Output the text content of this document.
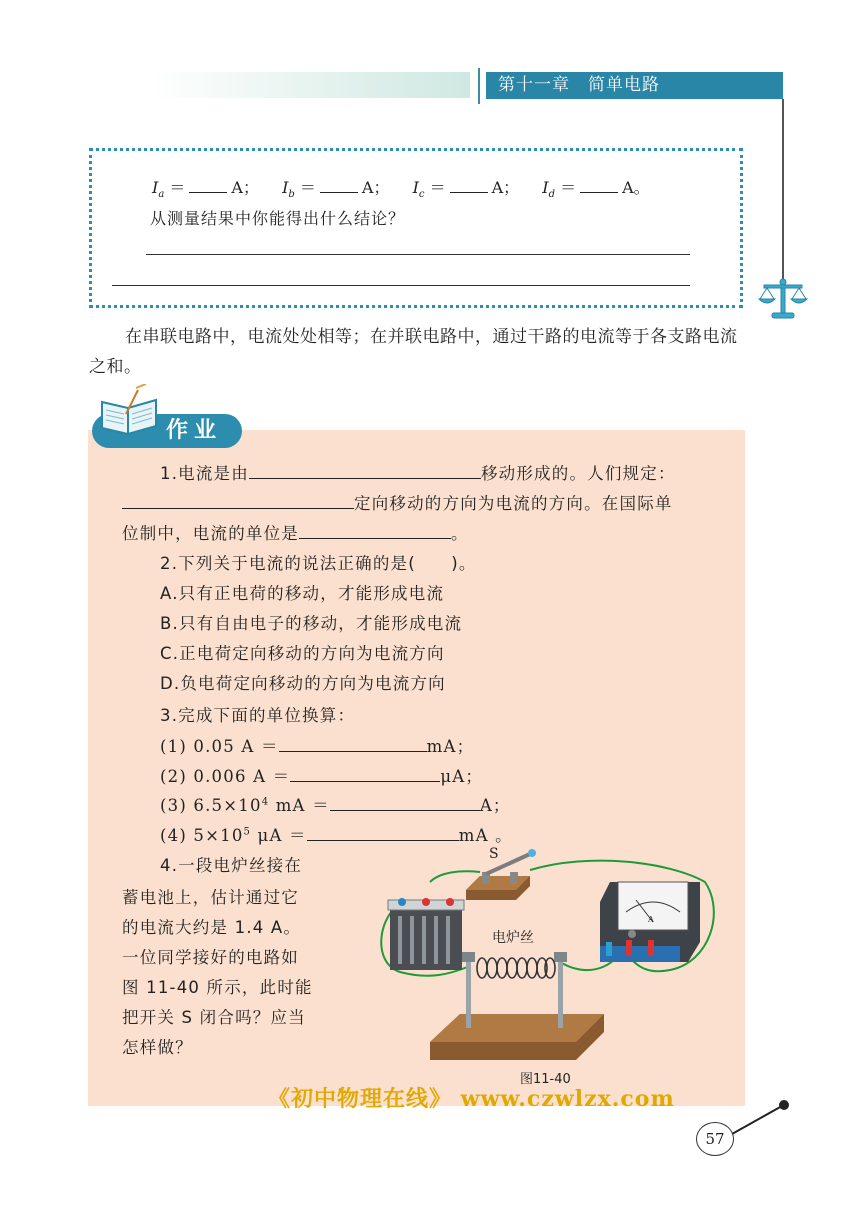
第十一章　简单电路
$I_a$ ＝	A； $I_b$ ＝	A； $I_c$ ＝	A； $I_d$ ＝	A。
从测量结果中你能得出什么结论？
在串联电路中，电流处处相等；在并联电路中，通过干路的电流等于各支路电流之和。
作业
1.电流是由	移动形成的。人们规定：
定向移动的方向为电流的方向。在国际单
位制中，电流的单位是	。
2.下列关于电流的说法正确的是(　　)。
A.只有正电荷的移动，才能形成电流
B.只有自由电子的移动，才能形成电流
C.正电荷定向移动的方向为电流方向
D.负电荷定向移动的方向为电流方向
3.完成下面的单位换算：
(1) 0.05 A ＝	mA；
(2) 0.006 A ＝	μA；
(3) $6.5\times 10^4$ mA ＝	A；
(4) $5\times 10^5$ μA ＝	mA 。
4.一段电炉丝接在
蓄电池上，估计通过它
的电流大约是 1.4 A。
一位同学接好的电路如
图 11-40 所示，此时能
把开关 S 闭合吗？应当
怎样做？
电炉丝
S
A
图11-40
《初中物理在线》 www.czwlzx.com
57
